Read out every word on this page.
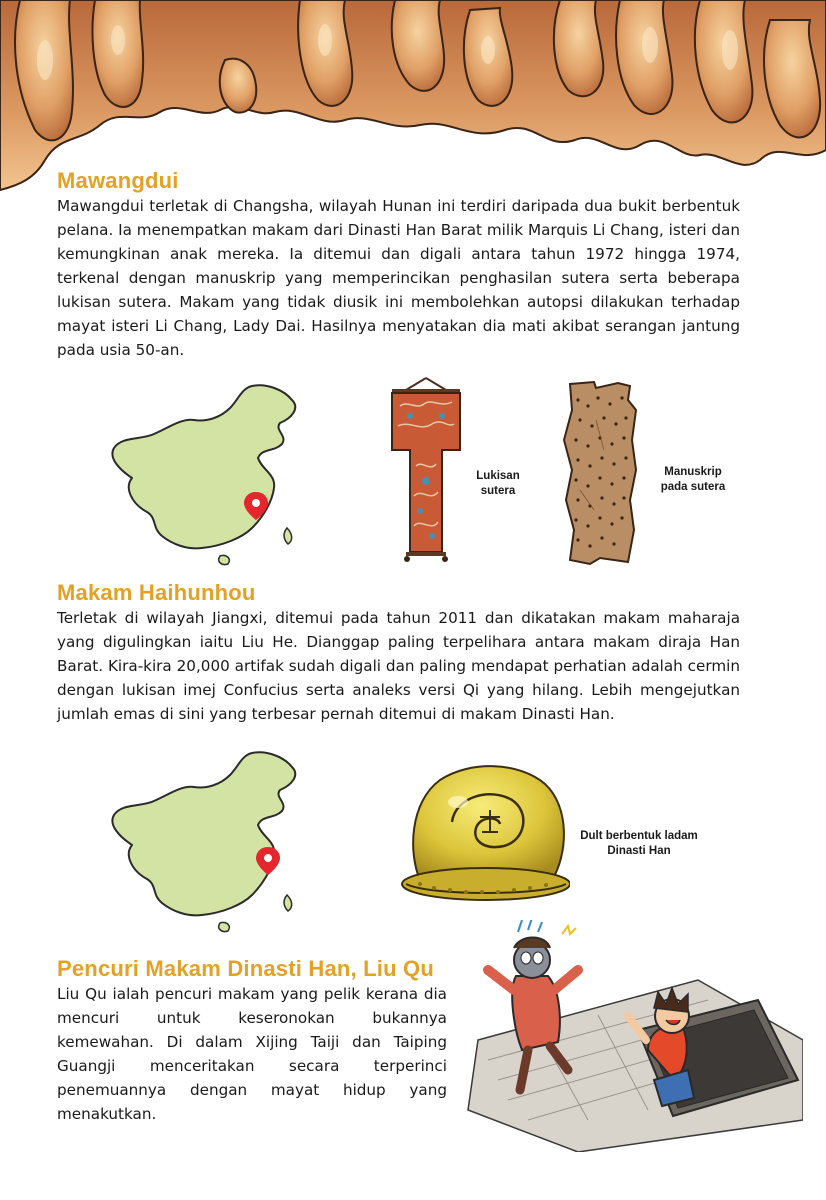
Mawangdui
Mawangdui terletak di Changsha, wilayah Hunan ini terdiri daripada dua bukit berbentuk pelana. Ia menempatkan makam dari Dinasti Han Barat milik Marquis Li Chang, isteri dan kemungkinan anak mereka. Ia ditemui dan digali antara tahun 1972 hingga 1974, terkenal dengan manuskrip yang memperincikan penghasilan sutera serta beberapa lukisan sutera. Makam yang tidak diusik ini membolehkan autopsi dilakukan terhadap mayat isteri Li Chang, Lady Dai. Hasilnya menyatakan dia mati akibat serangan jantung pada usia 50-an.
Lukisan
sutera
Manuskrip
pada sutera
Makam Haihunhou
Terletak di wilayah Jiangxi, ditemui pada tahun 2011 dan dikatakan makam maharaja yang digulingkan iaitu Liu He. Dianggap paling terpelihara antara makam diraja Han Barat. Kira-kira 20,000 artifak sudah digali dan paling mendapat perhatian adalah cermin dengan lukisan imej Confucius serta analeks versi Qi yang hilang. Lebih mengejutkan jumlah emas di sini yang terbesar pernah ditemui di makam Dinasti Han.
Dult berbentuk ladam
Dinasti Han
Pencuri Makam Dinasti Han, Liu Qu
Liu Qu ialah pencuri makam yang pelik kerana dia mencuri untuk keseronokan bukannya kemewahan. Di dalam Xijing Taiji dan Taiping Guangji menceritakan secara terperinci penemuannya dengan mayat hidup yang menakutkan.
